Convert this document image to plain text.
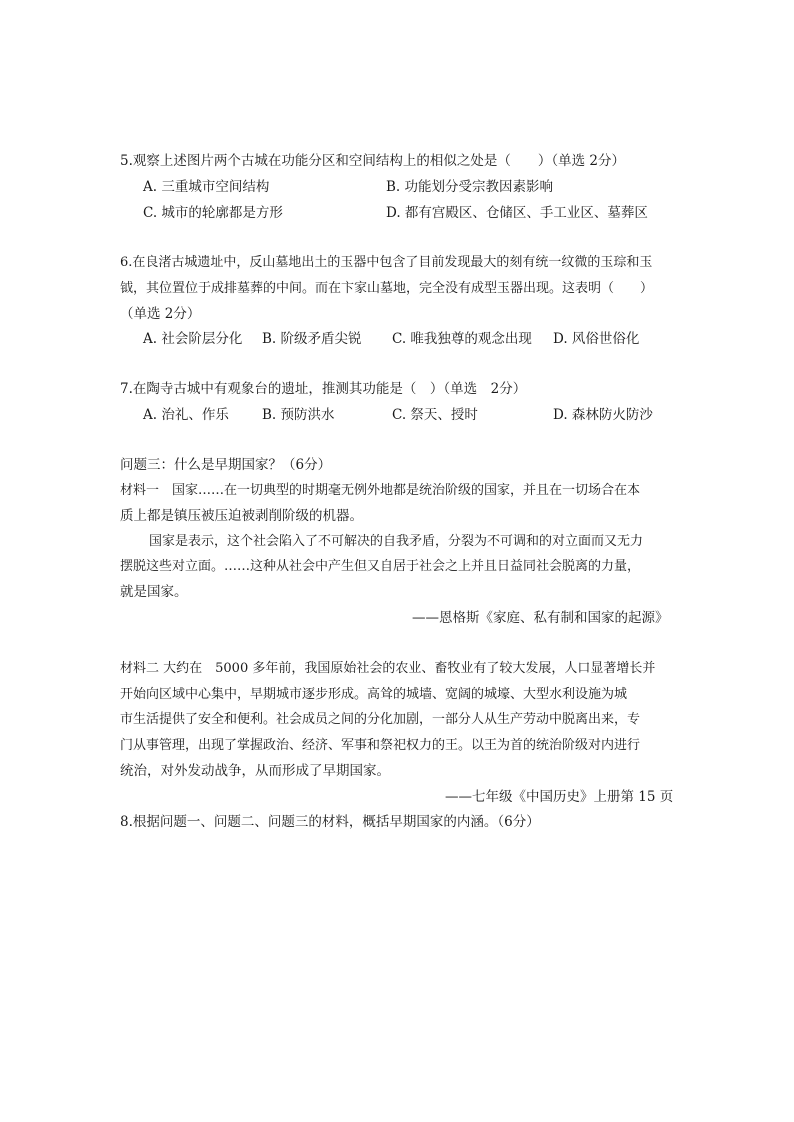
5.观察上述图片两个古城在功能分区和空间结构上的相似之处是（　　）（单选 2分）
A. 三重城市空间结构	B. 功能划分受宗教因素影响
C. 城市的轮廓都是方形	D. 都有宫殿区、仓储区、手工业区、墓葬区
6.在良渚古城遗址中，反山墓地出土的玉器中包含了目前发现最大的刻有统一纹微的玉琮和玉
钺，其位置位于成排墓葬的中间。而在卞家山墓地，完全没有成型玉器出现。这表明（　　）
（单选 2分）
A. 社会阶层分化 B. 阶级矛盾尖锐 C. 唯我独尊的观念出现 D. 风俗世俗化
7.在陶寺古城中有观象台的遗址，推测其功能是（　）（单选　2分）
A. 治礼、作乐 B. 预防洪水	C. 祭天、授时	D. 森林防火防沙
问题三：什么是早期国家？（6分）
材料一　国家……在一切典型的时期毫无例外地都是统治阶级的国家，并且在一切场合在本
质上都是镇压被压迫被剥削阶级的机器。
国家是表示，这个社会陷入了不可解决的自我矛盾，分裂为不可调和的对立面而又无力
摆脱这些对立面。……这种从社会中产生但又自居于社会之上并且日益同社会脱离的力量，
就是国家。
——恩格斯《家庭、私有制和国家的起源》
材料二 大约在　5000 多年前，我国原始社会的农业、畜牧业有了较大发展，人口显著增长并
开始向区域中心集中，早期城市逐步形成。高耸的城墙、宽阔的城壕、大型水利设施为城
市生活提供了安全和便利。社会成员之间的分化加剧，一部分人从生产劳动中脱离出来，专
门从事管理，出现了掌握政治、经济、军事和祭祀权力的王。以王为首的统治阶级对内进行
统治，对外发动战争，从而形成了早期国家。
——七年级《中国历史》上册第 15 页
8.根据问题一、问题二、问题三的材料，概括早期国家的内涵。（6分）
